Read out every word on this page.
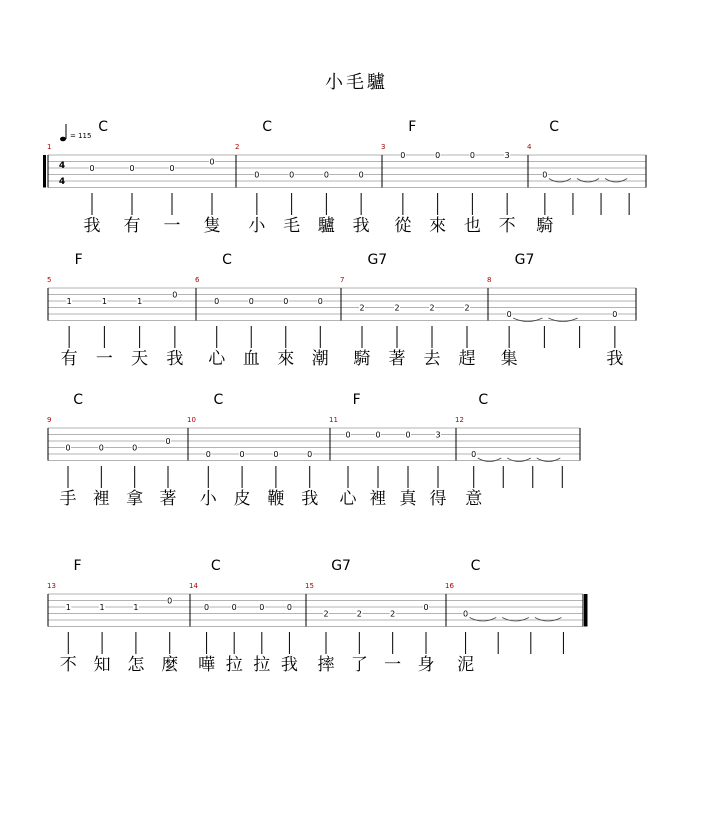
小毛驢
1
C
0	0	0
0
我 有 一 隻
2
C
0	0	0	0
小 毛 驢 我
3
F
0	0	0	3
從 來 也 不
4
C
0
騎
4
4
= 115
5
F
1	1	1
0
有 一 天 我
6
C
0	0	0	0
心 血 來 潮
7
G7
2	2	2	2
騎 著 去 趕
8
G7
0	0
集	我
9
C
0	0	0
0
手 裡 拿 著
10
C
0	0	0	0
小 皮 鞭 我
11
F
0	0	0	3
心 裡 真 得
12
C
0
意
13
F
1	1	1
0
不 知 怎 麼
14
C
0	0	0	0
嘩 拉 拉 我
15
G7
2	2	2
0
摔 了 一 身
16
C
0
泥
